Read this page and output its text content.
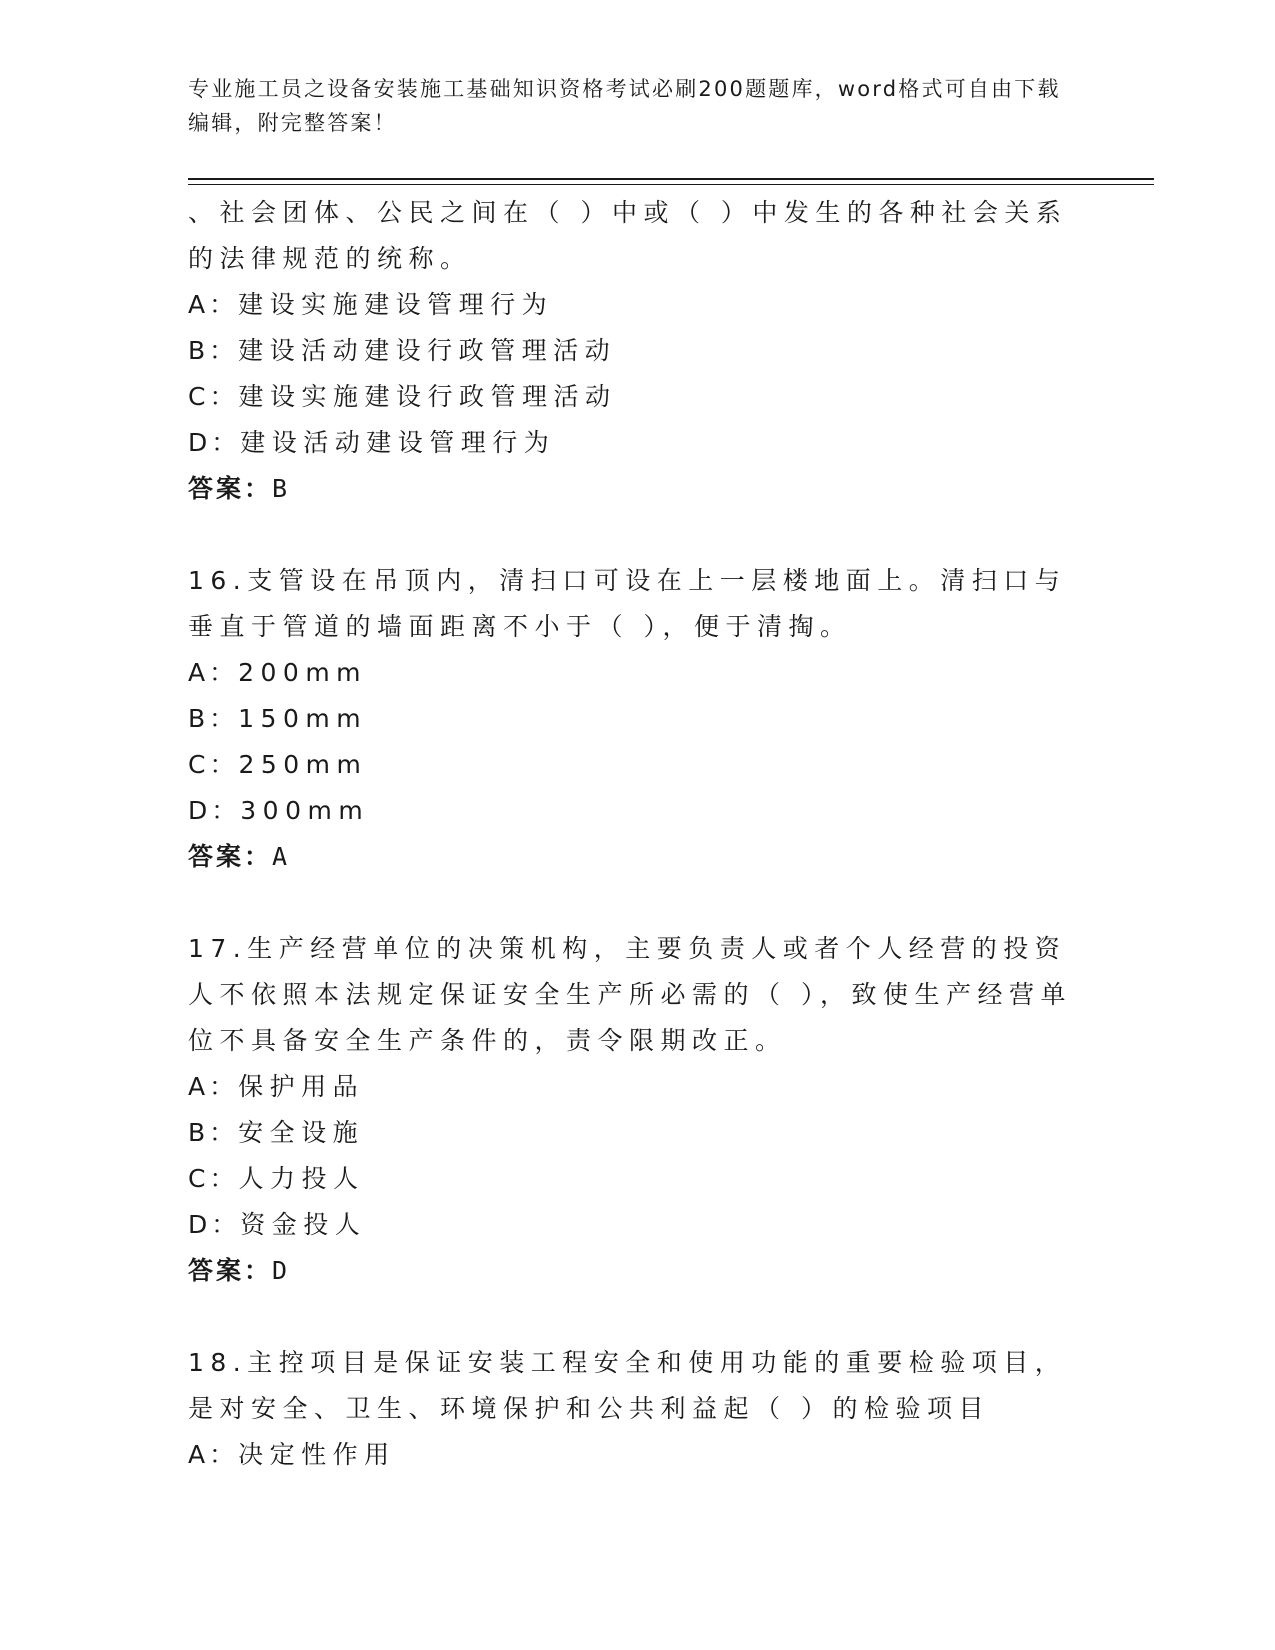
专业施工员之设备安装施工基础知识资格考试必刷200题题库，word格式可自由下载编辑，附完整答案！

、社会团体、公民之间在（ ）中或（ ）中发生的各种社会关系的法律规范的统称。

A：建设实施建设管理行为

B：建设活动建设行政管理活动

C：建设实施建设行政管理活动

D：建设活动建设管理行为

答案：B

16.支管设在吊顶内，清扫口可设在上一层楼地面上。清扫口与垂直于管道的墙面距离不小于（ ），便于清掏。

A：200mm

B：150mm

C：250mm

D：300mm

答案：A

17.生产经营单位的决策机构，主要负责人或者个人经营的投资人不依照本法规定保证安全生产所必需的（ ），致使生产经营单位不具备安全生产条件的，责令限期改正。

A：保护用品

B：安全设施

C：人力投人

D：资金投人

答案：D

18.主控项目是保证安装工程安全和使用功能的重要检验项目，是对安全、卫生、环境保护和公共利益起（ ）的检验项目

A：决定性作用
